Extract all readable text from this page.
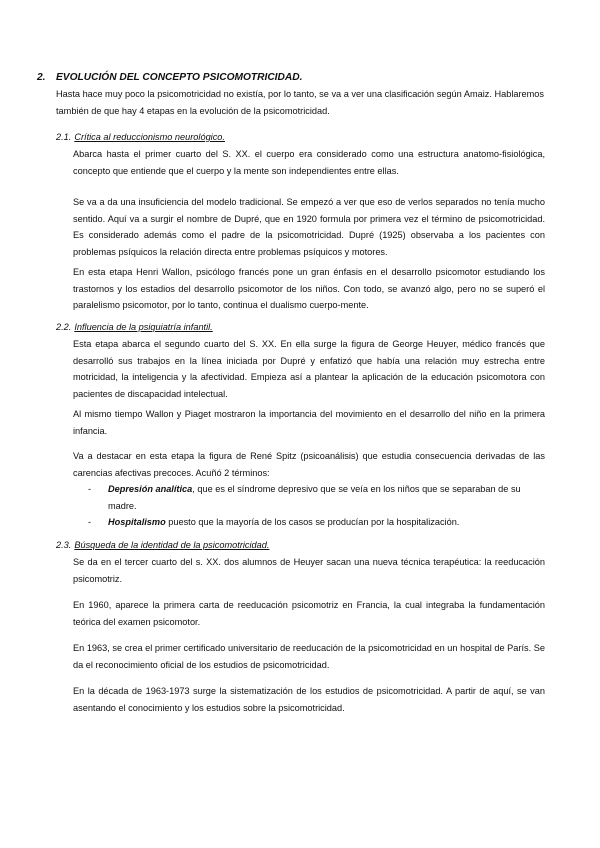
2. EVOLUCIÓN DEL CONCEPTO PSICOMOTRICIDAD.
Hasta hace muy poco la psicomotricidad no existía, por lo tanto, se va a ver una clasificación según Amaiz. Hablaremos también de que hay 4 etapas en la evolución de la psicomotricidad.
2.1. Crítica al reduccionismo neurológico.
Abarca hasta el primer cuarto del S. XX. el cuerpo era considerado como una estructura anatomo-fisiológica, concepto que entiende que el cuerpo y la mente son independientes entre ellas.
Se va a da una insuficiencia del modelo tradicional. Se empezó a ver que eso de verlos separados no tenía mucho sentido. Aquí va a surgir el nombre de Dupré, que en 1920 formula por primera vez el término de psicomotricidad. Es considerado además como el padre de la psicomotricidad. Dupré (1925) observaba a los pacientes con problemas psíquicos la relación directa entre problemas psíquicos y motores.
En esta etapa Henri Wallon, psicólogo francés pone un gran énfasis en el desarrollo psicomotor estudiando los trastornos y los estadios del desarrollo psicomotor de los niños. Con todo, se avanzó algo, pero no se superó el paralelismo psicomotor, por lo tanto, continua el dualismo cuerpo-mente.
2.2. Influencia de la psiquiatría infantil.
Esta etapa abarca el segundo cuarto del S. XX. En ella surge la figura de George Heuyer, médico francés que desarrolló sus trabajos en la línea iniciada por Dupré y enfatizó que había una relación muy estrecha entre motricidad, la inteligencia y la afectividad. Empieza así a plantear la aplicación de la educación psicomotora con pacientes de discapacidad intelectual.
Al mismo tiempo Wallon y Piaget mostraron la importancia del movimiento en el desarrollo del niño en la primera infancia.
Va a destacar en esta etapa la figura de René Spitz (psicoanálisis) que estudia consecuencia derivadas de las carencias afectivas precoces. Acuñó 2 términos:
- Depresión analítica, que es el síndrome depresivo que se veía en los niños que se separaban de su
madre.
- Hospitalismo puesto que la mayoría de los casos se producían por la hospitalización.
2.3. Búsqueda de la identidad de la psicomotricidad.
Se da en el tercer cuarto del s. XX. dos alumnos de Heuyer sacan una nueva técnica terapéutica: la reeducación psicomotriz.
En 1960, aparece la primera carta de reeducación psicomotriz en Francia, la cual integraba la fundamentación teórica del examen psicomotor.
En 1963, se crea el primer certificado universitario de reeducación de la psicomotricidad en un hospital de París. Se da el reconocimiento oficial de los estudios de psicomotricidad.
En la década de 1963-1973 surge la sistematización de los estudios de psicomotricidad. A partir de aquí, se van asentando el conocimiento y los estudios sobre la psicomotricidad.
